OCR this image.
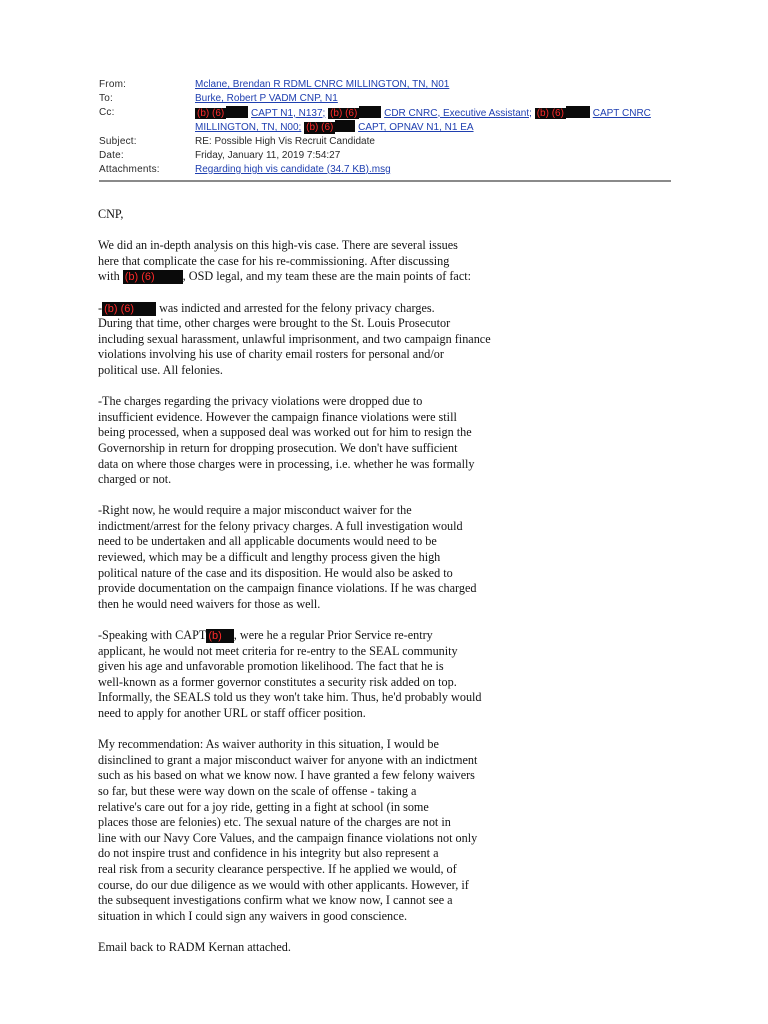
From:	Mclane, Brendan R RDML CNRC MILLINGTON, TN, N01
To:	Burke, Robert P VADM CNP, N1
Cc:	(b) (6)	CAPT N1, N137; (b) (6)	CDR CNRC, Executive Assistant; (b) (6)	CAPT CNRC
MILLINGTON, TN, N00; (b) (6) CAPT, OPNAV N1, N1 EA
Subject:	RE: Possible High Vis Recruit Candidate
Date:	Friday, January 11, 2019 7:54:27
Attachments:	Regarding high vis candidate (34.7 KB).msg

CNP,

We did an in-depth analysis on this high-vis case. There are several issues
here that complicate the case for his re-commissioning. After discussing
with (b) (6) , OSD legal, and my team these are the main points of fact:

- (b) (6) was indicted and arrested for the felony privacy charges.
During that time, other charges were brought to the St. Louis Prosecutor
including sexual harassment, unlawful imprisonment, and two campaign finance
violations involving his use of charity email rosters for personal and/or
political use. All felonies.

-The charges regarding the privacy violations were dropped due to
insufficient evidence. However the campaign finance violations were still
being processed, when a supposed deal was worked out for him to resign the
Governorship in return for dropping prosecution. We don't have sufficient
data on where those charges were in processing, i.e. whether he was formally
charged or not.

-Right now, he would require a major misconduct waiver for the
indictment/arrest for the felony privacy charges. A full investigation would
need to be undertaken and all applicable documents would need to be
reviewed, which may be a difficult and lengthy process given the high
political nature of the case and its disposition. He would also be asked to
provide documentation on the campaign finance violations. If he was charged
then he would need waivers for those as well.

-Speaking with CAPT (b) , were he a regular Prior Service re-entry
applicant, he would not meet criteria for re-entry to the SEAL community
given his age and unfavorable promotion likelihood. The fact that he is
well-known as a former governor constitutes a security risk added on top.
Informally, the SEALS told us they won't take him. Thus, he'd probably would
need to apply for another URL or staff officer position.

My recommendation: As waiver authority in this situation, I would be
disinclined to grant a major misconduct waiver for anyone with an indictment
such as his based on what we know now. I have granted a few felony waivers
so far, but these were way down on the scale of offense - taking a
relative's care out for a joy ride, getting in a fight at school (in some
places those are felonies) etc. The sexual nature of the charges are not in
line with our Navy Core Values, and the campaign finance violations not only
do not inspire trust and confidence in his integrity but also represent a
real risk from a security clearance perspective. If he applied we would, of
course, do our due diligence as we would with other applicants. However, if
the subsequent investigations confirm what we know now, I cannot see a
situation in which I could sign any waivers in good conscience.

Email back to RADM Kernan attached.
